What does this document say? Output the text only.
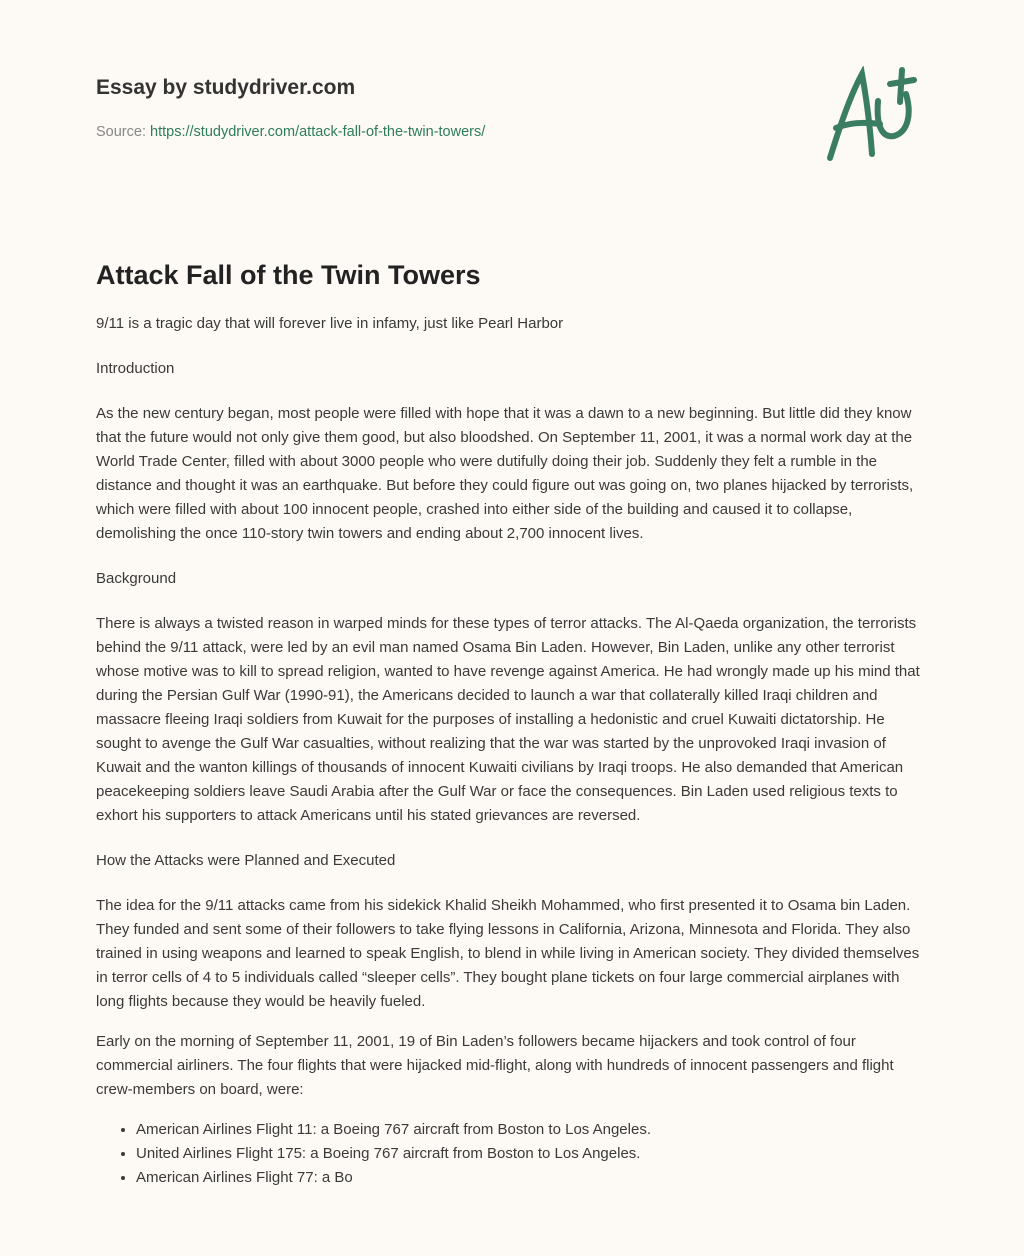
Essay by studydriver.com
Source: https://studydriver.com/attack-fall-of-the-twin-towers/
Attack Fall of the Twin Towers

9/11 is a tragic day that will forever live in infamy, just like Pearl Harbor

Introduction

As the new century began, most people were filled with hope that it was a dawn to a new beginning. But little did they know that the future would not only give them good, but also bloodshed. On September 11, 2001, it was a normal work day at the World Trade Center, filled with about 3000 people who were dutifully doing their job. Suddenly they felt a rumble in the distance and thought it was an earthquake. But before they could figure out was going on, two planes hijacked by terrorists, which were filled with about 100 innocent people, crashed into either side of the building and caused it to collapse, demolishing the once 110-story twin towers and ending about 2,700 innocent lives.

Background

There is always a twisted reason in warped minds for these types of terror attacks. The Al-Qaeda organization, the terrorists behind the 9/11 attack, were led by an evil man named Osama Bin Laden. However, Bin Laden, unlike any other terrorist whose motive was to kill to spread religion, wanted to have revenge against America. He had wrongly made up his mind that during the Persian Gulf War (1990-91), the Americans decided to launch a war that collaterally killed Iraqi children and massacre fleeing Iraqi soldiers from Kuwait for the purposes of installing a hedonistic and cruel Kuwaiti dictatorship. He sought to avenge the Gulf War casualties, without realizing that the war was started by the unprovoked Iraqi invasion of Kuwait and the wanton killings of thousands of innocent Kuwaiti civilians by Iraqi troops. He also demanded that American peacekeeping soldiers leave Saudi Arabia after the Gulf War or face the consequences. Bin Laden used religious texts to exhort his supporters to attack Americans until his stated grievances are reversed.

How the Attacks were Planned and Executed

The idea for the 9/11 attacks came from his sidekick Khalid Sheikh Mohammed, who first presented it to Osama bin Laden. They funded and sent some of their followers to take flying lessons in California, Arizona, Minnesota and Florida. They also trained in using weapons and learned to speak English, to blend in while living in American society. They divided themselves in terror cells of 4 to 5 individuals called “sleeper cells”. They bought plane tickets on four large commercial airplanes with long flights because they would be heavily fueled.

Early on the morning of September 11, 2001, 19 of Bin Laden’s followers became hijackers and took control of four commercial airliners. The four flights that were hijacked mid-flight, along with hundreds of innocent passengers and flight crew-members on board, were:

• American Airlines Flight 11: a Boeing 767 aircraft from Boston to Los Angeles.
• United Airlines Flight 175: a Boeing 767 aircraft from Boston to Los Angeles.
• American Airlines Flight 77: a Bo
